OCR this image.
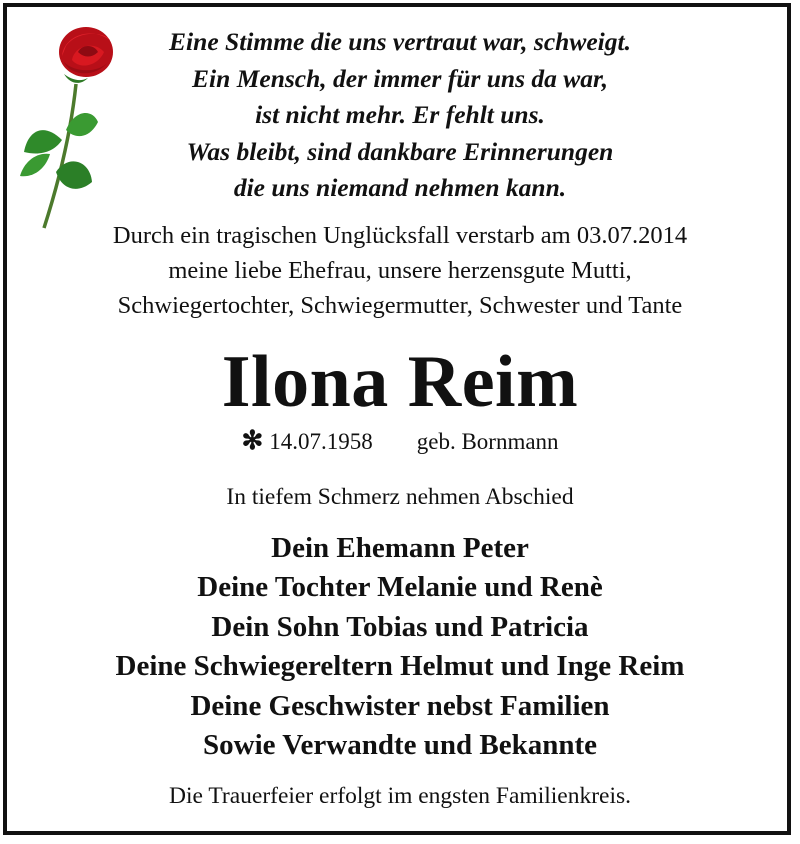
Eine Stimme die uns vertraut war, schweigt.
Ein Mensch, der immer für uns da war,
ist nicht mehr. Er fehlt uns.
Was bleibt, sind dankbare Erinnerungen
die uns niemand nehmen kann.
Durch ein tragischen Unglücksfall verstarb am 03.07.2014
meine liebe Ehefrau, unsere herzensgute Mutti,
Schwiegertochter, Schwiegermutter, Schwester und Tante
Ilona Reim
✻ 14.07.1958 geb. Bornmann
In tiefem Schmerz nehmen Abschied
Dein Ehemann Peter
Deine Tochter Melanie und Renè
Dein Sohn Tobias und Patricia
Deine Schwiegereltern Helmut und Inge Reim
Deine Geschwister nebst Familien
Sowie Verwandte und Bekannte
Die Trauerfeier erfolgt im engsten Familienkreis.
